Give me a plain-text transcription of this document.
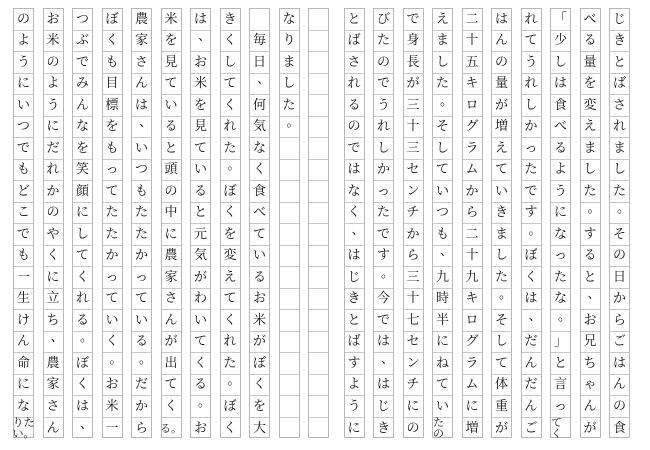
じ
き
と
ば
さ
れ
ま
し
た
。
そ
の
日
か
ら
ご
は
ん
の
食
べ
る
量
を
変
え
ま
し
た
。
す
る
と
、
お
兄
ち
ゃ
ん
が
「
少
し
は
食
べ
る
よ
う
に
な
っ
た
な
。
」
と
言
っ
てく
れ
て
う
れ
し
か
っ
た
で
す
。
ぼ
く
は
、
だ
ん
だ
ん
ご
は
ん
の
量
が
増
え
て
い
き
ま
し
た
。
そ
し
て
体
重
が
二
十
五
キ
ロ
グ
ラ
ム
か
ら
二
十
九
キ
ロ
グ
ラ
ム
に
増
え
ま
し
た
。
そ
し
て
い
つ
も
、
九
時
半
に
ね
て
い
たの
で
身
長
が
三
十
三
セ
ン
チ
か
ら
三
十
七
セ
ン
チ
に
の
び
た
の
で
う
れ
し
か
っ
た
で
す
。
今
で
は
、
は
じ
き
と
ば
さ
れ
る
の
で
は
な
く
、
は
じ
き
と
ば
す
よ
う
に
な
り
ま
し
た
。
毎
日
、
何
気
な
く
食
べ
て
い
る
お
米
が
ぼ
く
を
大
き
く
し
て
く
れ
た
。
ぼ
く
を
変
え
て
く
れ
た
。
ぼ
く
は
、
お
米
を
見
て
い
る
と
元
気
が
わ
い
て
く
る
。
お
米
を
見
て
い
る
と
頭
の
中
に
農
家
さ
ん
が
出
て
く
る。
農
家
さ
ん
は
、
い
つ
も
た
た
か
っ
て
い
る
。
だ
か
ら
ぼ
く
も
目
標
を
も
っ
て
た
た
か
っ
て
い
く
。
お
米
一
つ
ぶ
で
み
ん
な
を
笑
顔
に
し
て
く
れ
る
。
ぼ
く
は
、
お
米
の
よ
う
に
だ
れ
か
の
や
く
に
立
ち
、
農
家
さ
ん
の
よ
う
に
い
つ
で
も
ど
こ
で
も
一
生
け
ん
命
に
な
りたい。
